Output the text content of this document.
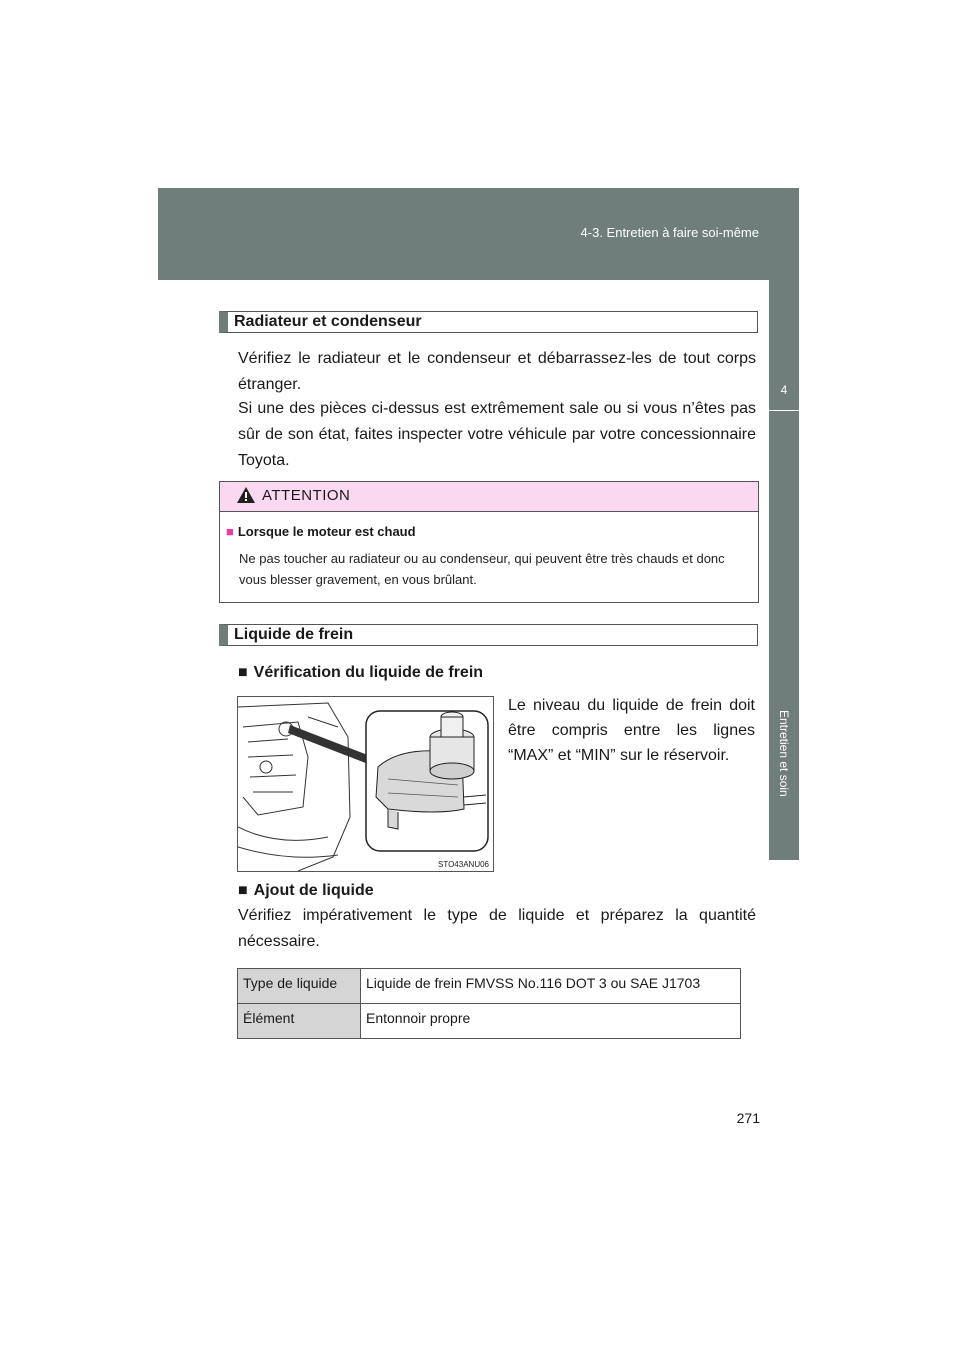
4-3. Entretien à faire soi-même
4
Entretien et soin
Radiateur et condenseur
Vérifiez le radiateur et le condenseur et débarrassez-les de tout corps étranger.
Si une des pièces ci-dessus est extrêmement sale ou si vous n’êtes pas sûr de son état, faites inspecter votre véhicule par votre concessionnaire Toyota.
ATTENTION
■ Lorsque le moteur est chaud
Ne pas toucher au radiateur ou au condenseur, qui peuvent être très chauds et donc vous blesser gravement, en vous brûlant.
Liquide de frein
■ Vérification du liquide de frein
STO43ANU06
Le niveau du liquide de frein doit être compris entre les lignes “MAX” et “MIN” sur le réservoir.
■ Ajout de liquide
Vérifiez impérativement le type de liquide et préparez la quantité nécessaire.
Type de liquide	Liquide de frein FMVSS No.116 DOT 3 ou SAE J1703
Élément	Entonnoir propre
271
